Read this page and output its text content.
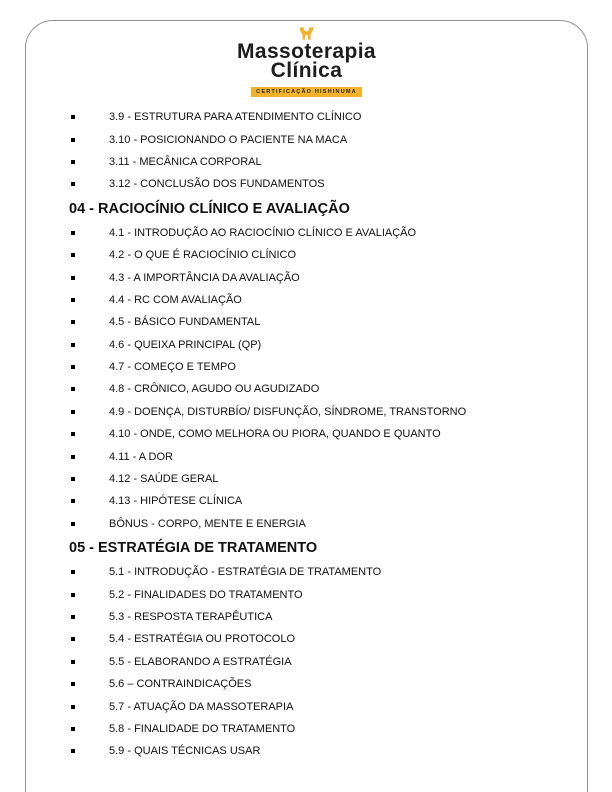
Massoterapia
Clínica
CERTIFICAÇÃO HISHINUMA
3.9 - ESTRUTURA PARA ATENDIMENTO CLÍNICO
3.10 - POSICIONANDO O PACIENTE NA MACA
3.11 - MECÂNICA CORPORAL
3.12 - CONCLUSÃO DOS FUNDAMENTOS
04 - RACIOCÍNIO CLÍNICO E AVALIAÇÃO
4.1 - INTRODUÇÃO AO RACIOCÍNIO CLÍNICO E AVALIAÇÃO
4.2 - O QUE É RACIOCÍNIO CLÍNICO
4.3 - A IMPORTÂNCIA DA AVALIAÇÃO
4.4 - RC COM AVALIAÇÃO
4.5 - BÁSICO FUNDAMENTAL
4.6 - QUEIXA PRINCIPAL (QP)
4.7 - COMEÇO E TEMPO
4.8 - CRÔNICO, AGUDO OU AGUDIZADO
4.9 - DOENÇA, DISTURBÍO/ DISFUNÇÃO, SÍNDROME, TRANSTORNO
4.10 - ONDE, COMO MELHORA OU PIORA, QUANDO E QUANTO
4.11 - A DOR
4.12 - SAÚDE GERAL
4.13 - HIPÓTESE CLÍNICA
BÔNUS - CORPO, MENTE E ENERGIA
05 - ESTRATÉGIA DE TRATAMENTO
5.1 - INTRODUÇÃO - ESTRATÉGIA DE TRATAMENTO
5.2 - FINALIDADES DO TRATAMENTO
5.3 - RESPOSTA TERAPÊUTICA
5.4 - ESTRATÉGIA OU PROTOCOLO
5.5 - ELABORANDO A ESTRATÉGIA
5.6 – CONTRAINDICAÇÕES
5.7 - ATUAÇÃO DA MASSOTERAPIA
5.8 - FINALIDADE DO TRATAMENTO
5.9 - QUAIS TÉCNICAS USAR
